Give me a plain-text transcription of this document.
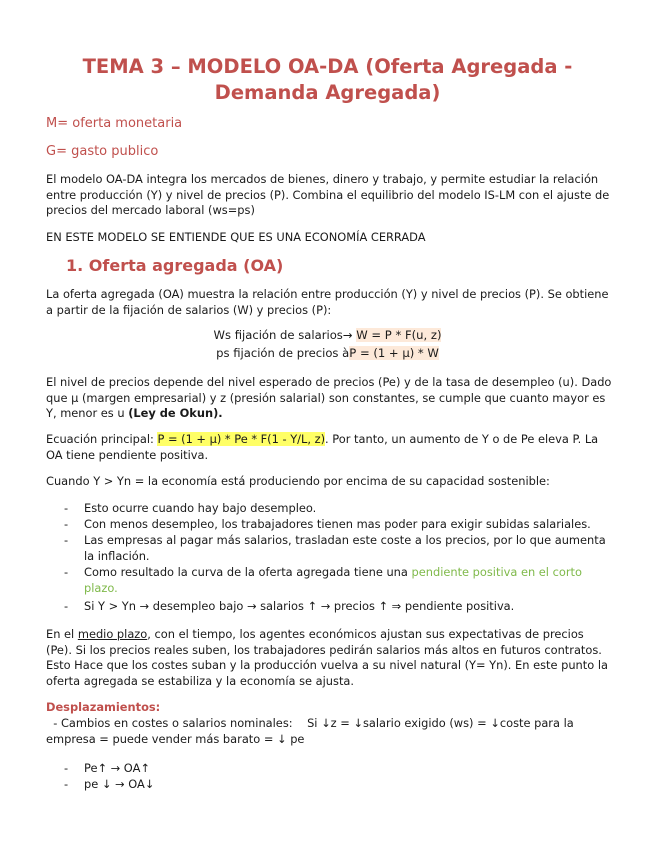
TEMA 3 – MODELO OA-DA (Oferta Agregada - Demanda Agregada)
M= oferta monetaria
G= gasto publico
El modelo OA-DA integra los mercados de bienes, dinero y trabajo, y permite estudiar la relación entre producción (Y) y nivel de precios (P). Combina el equilibrio del modelo IS-LM con el ajuste de precios del mercado laboral (ws=ps)
EN ESTE MODELO SE ENTIENDE QUE ES UNA ECONOMÍA CERRADA
1. Oferta agregada (OA)
La oferta agregada (OA) muestra la relación entre producción (Y) y nivel de precios (P). Se obtiene a partir de la fijación de salarios (W) y precios (P):
Ws fijación de salarios→ W = P * F(u, z)
ps fijación de precios àP = (1 + μ) * W
El nivel de precios depende del nivel esperado de precios (Pe) y de la tasa de desempleo (u). Dado que μ (margen empresarial) y z (presión salarial) son constantes, se cumple que cuanto mayor es Y, menor es u (Ley de Okun).
Ecuación principal: P = (1 + μ) * Pe * F(1 - Y/L, z). Por tanto, un aumento de Y o de Pe eleva P. La OA tiene pendiente positiva.
Cuando Y > Yn = la economía está produciendo por encima de su capacidad sostenible:
- Esto ocurre cuando hay bajo desempleo.
- Con menos desempleo, los trabajadores tienen mas poder para exigir subidas salariales.
- Las empresas al pagar más salarios, trasladan este coste a los precios, por lo que aumenta la inflación.
- Como resultado la curva de la oferta agregada tiene una pendiente positiva en el corto plazo.
- Si Y > Yn → desempleo bajo → salarios ↑ → precios ↑ ⇒ pendiente positiva.
En el medio plazo, con el tiempo, los agentes económicos ajustan sus expectativas de precios (Pe). Si los precios reales suben, los trabajadores pedirán salarios más altos en futuros contratos. Esto Hace que los costes suban y la producción vuelva a su nivel natural (Y= Yn). En este punto la oferta agregada se estabiliza y la economía se ajusta.
Desplazamientos:
- Cambios en costes o salarios nominales:    Si ↓z = ↓salario exigido (ws) = ↓coste para la empresa = puede vender más barato = ↓ pe
- Pe↑ → OA↑
- pe ↓ → OA↓
